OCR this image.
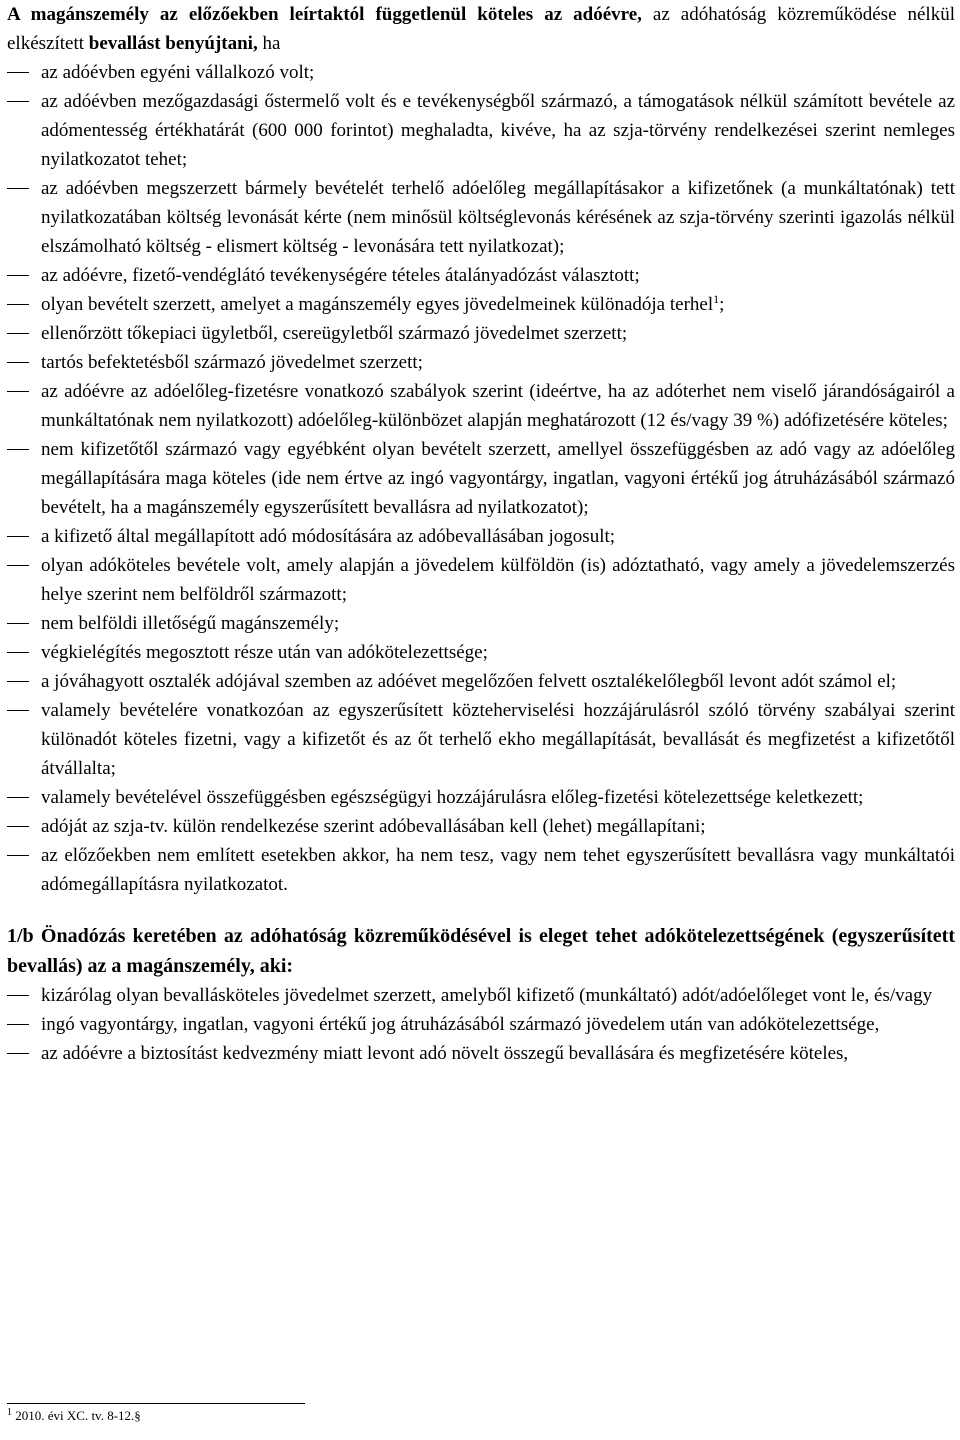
A magánszemély az előzőekben leírtaktól függetlenül köteles az adóévre, az adóhatóság közreműködése nélkül elkészített bevallást benyújtani, ha
az adóévben egyéni vállalkozó volt;
az adóévben mezőgazdasági őstermelő volt és e tevékenységből származó, a támogatások nélkül számított bevétele az adómentesség értékhatárát (600 000 forintot) meghaladta, kivéve, ha az szja-törvény rendelkezései szerint nemleges nyilatkozatot tehet;
az adóévben megszerzett bármely bevételét terhelő adóelőleg megállapításakor a kifizetőnek (a munkáltatónak) tett nyilatkozatában költség levonását kérte (nem minősül költséglevonás kérésének az szja-törvény szerinti igazolás nélkül elszámolható költség - elismert költség - levonására tett nyilatkozat);
az adóévre, fizető-vendéglátó tevékenységére tételes átalányadózást választott;
olyan bevételt szerzett, amelyet a magánszemély egyes jövedelmeinek különadója terhel$^1$;
ellenőrzött tőkepiaci ügyletből, csereügyletből származó jövedelmet szerzett;
tartós befektetésből származó jövedelmet szerzett;
az adóévre az adóelőleg-fizetésre vonatkozó szabályok szerint (ideértve, ha az adóterhet nem viselő járandóságairól a munkáltatónak nem nyilatkozott) adóelőleg-különbözet alapján meghatározott (12 és/vagy 39 %) adófizetésére köteles;
nem kifizetőtől származó vagy egyébként olyan bevételt szerzett, amellyel összefüggésben az adó vagy az adóelőleg megállapítására maga köteles (ide nem értve az ingó vagyontárgy, ingatlan, vagyoni értékű jog átruházásából származó bevételt, ha a magánszemély egyszerűsített bevallásra ad nyilatkozatot);
a kifizető által megállapított adó módosítására az adóbevallásában jogosult;
olyan adóköteles bevétele volt, amely alapján a jövedelem külföldön (is) adóztatható, vagy amely a jövedelemszerzés helye szerint nem belföldről származott;
nem belföldi illetőségű magánszemély;
végkielégítés megosztott része után van adókötelezettsége;
a jóváhagyott osztalék adójával szemben az adóévet megelőzően felvett osztalékelőlegből levont adót számol el;
valamely bevételére vonatkozóan az egyszerűsített közteherviselési hozzájárulásról szóló törvény szabályai szerint különadót köteles fizetni, vagy a kifizetőt és az őt terhelő ekho megállapítását, bevallását és megfizetést a kifizetőtől átvállalta;
valamely bevételével összefüggésben egészségügyi hozzájárulásra előleg-fizetési kötelezettsége keletkezett;
adóját az szja-tv. külön rendelkezése szerint adóbevallásában kell (lehet) megállapítani;
az előzőekben nem említett esetekben akkor, ha nem tesz, vagy nem tehet egyszerűsített bevallásra vagy munkáltatói adómegállapításra nyilatkozatot.
1/b Önadózás keretében az adóhatóság közreműködésével is eleget tehet adókötelezettségének (egyszerűsített bevallás) az a magánszemély, aki:
kizárólag olyan bevallásköteles jövedelmet szerzett, amelyből kifizető (munkáltató) adót/adóelőleget vont le, és/vagy
ingó vagyontárgy, ingatlan, vagyoni értékű jog átruházásából származó jövedelem után van adókötelezettsége,
az adóévre a biztosítást kedvezmény miatt levont adó növelt összegű bevallására és megfizetésére köteles,
$^1$ 2010. évi XC. tv. 8-12.§
